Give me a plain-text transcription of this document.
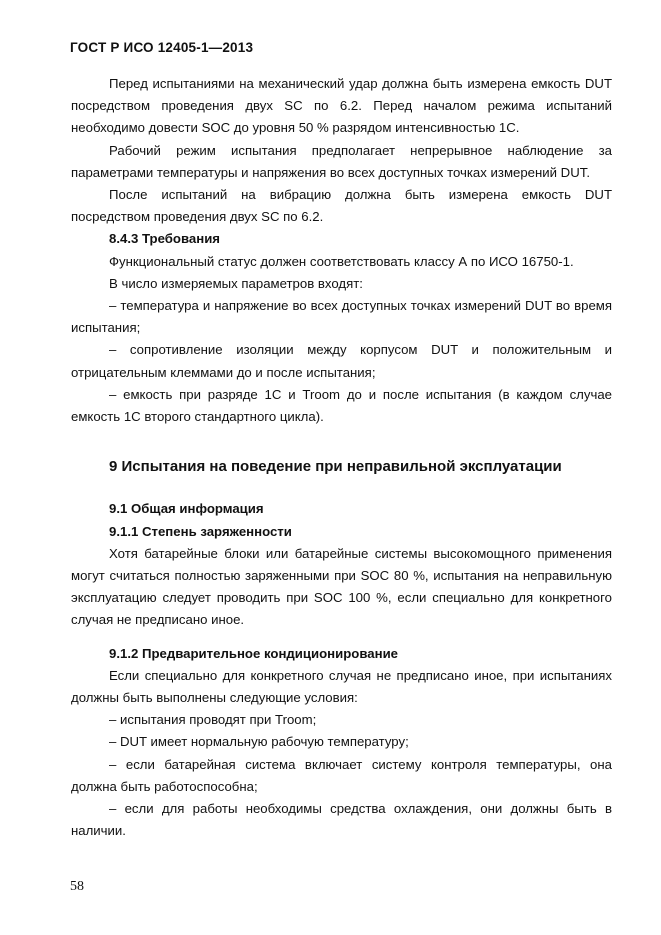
ГОСТ Р ИСО 12405-1—2013

Перед испытаниями на механический удар должна быть измерена емкость DUT посредством проведения двух SC по 6.2. Перед началом режима испытаний необходимо довести SOC до уровня 50 % разрядом интенсивностью 1С.

Рабочий режим испытания предполагает непрерывное наблюдение за параметрами температуры и напряжения во всех доступных точках измерений DUT.

После испытаний на вибрацию должна быть измерена емкость DUT посредством проведения двух SC по 6.2.

8.4.3 Требования

Функциональный статус должен соответствовать классу А по ИСО 16750-1.

В число измеряемых параметров входят:

– температура и напряжение во всех доступных точках измерений DUT во время испытания;

– сопротивление изоляции между корпусом DUT и положительным и отрицательным клеммами до и после испытания;

– емкость при разряде 1С и Troom до и после испытания (в каждом случае емкость 1С второго стандартного цикла).

9 Испытания на поведение при неправильной эксплуатации

9.1 Общая информация

9.1.1 Степень заряженности

Хотя батарейные блоки или батарейные системы высокомощного применения могут считаться полностью заряженными при SOC 80 %, испытания на неправильную эксплуатацию следует проводить при SOC 100 %, если специально для конкретного случая не предписано иное.

9.1.2 Предварительное кондиционирование

Если специально для конкретного случая не предписано иное, при испытаниях должны быть выполнены следующие условия:

– испытания проводят при Troom;

– DUT имеет нормальную рабочую температуру;

– если батарейная система включает систему контроля температуры, она должна быть работоспособна;

– если для работы необходимы средства охлаждения, они должны быть в наличии.

58
